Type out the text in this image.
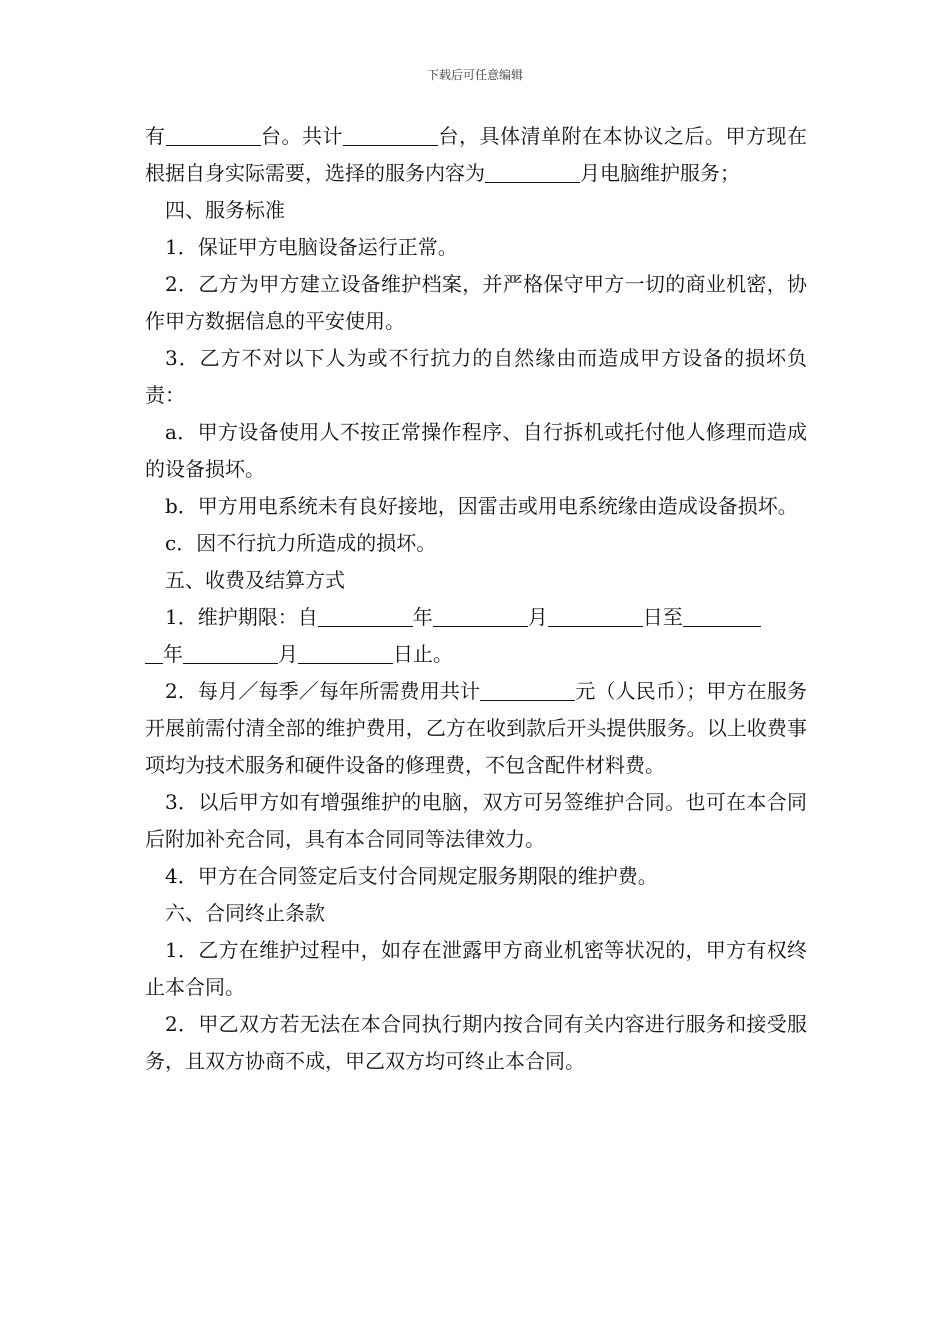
下载后可任意编辑

有	台。共计	台，具体清单附在本协议之后。甲方现在根据自身实际需要，选择的服务内容为	月电脑维护服务；

四、服务标准

1．保证甲方电脑设备运行正常。

2．乙方为甲方建立设备维护档案，并严格保守甲方一切的商业机密，协作甲方数据信息的平安使用。

3．乙方不对以下人为或不行抗力的自然缘由而造成甲方设备的损坏负责：

a．甲方设备使用人不按正常操作程序、自行拆机或托付他人修理而造成的设备损坏。

b．甲方用电系统未有良好接地，因雷击或用电系统缘由造成设备损坏。

c．因不行抗力所造成的损坏。

五、收费及结算方式

1．维护期限：自	年	月	日至
年	月	日止。

2．每月／每季／每年所需费用共计	元（人民币）；甲方在服务开展前需付清全部的维护费用，乙方在收到款后开头提供服务。以上收费事项均为技术服务和硬件设备的修理费，不包含配件材料费。

3．以后甲方如有增强维护的电脑，双方可另签维护合同。也可在本合同后附加补充合同，具有本合同同等法律效力。

4．甲方在合同签定后支付合同规定服务期限的维护费。

六、合同终止条款

1．乙方在维护过程中，如存在泄露甲方商业机密等状况的，甲方有权终止本合同。

2．甲乙双方若无法在本合同执行期内按合同有关内容进行服务和接受服务，且双方协商不成，甲乙双方均可终止本合同。
